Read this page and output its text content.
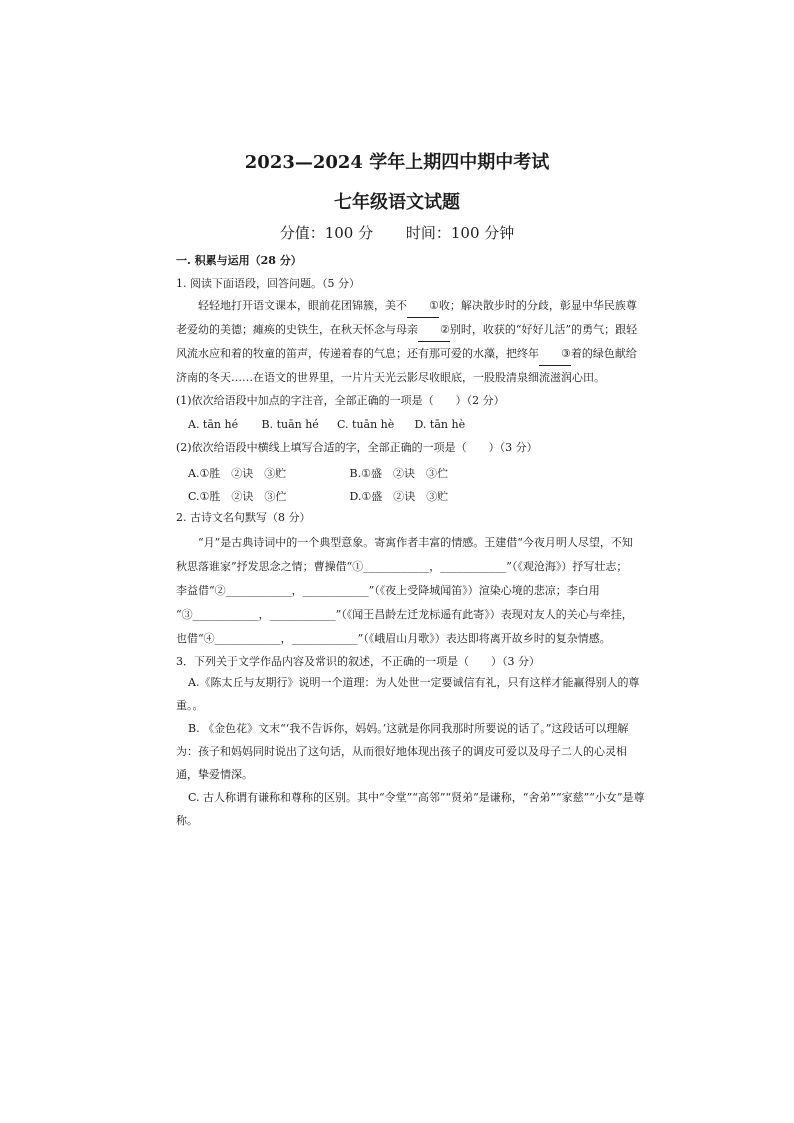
2023—2024 学年上期四中期中考试
七年级语文试题
分值：100 分 时间：100 分钟
一. 积累与运用（28 分）
1. 阅读下面语段，回答问题。（5 分）

轻轻地打开语文课本，眼前花团锦簇，美不 ①收；解决散步时的分歧，彰显中华民族尊老爱幼的美德；瘫痪的史铁生，在秋天怀念与母亲 ②别时，收获的“好好儿活”的勇气；跟轻风流水应和着的牧童的笛声，传递着春的气息；还有那可爱的水藻，把终年 ③着的绿色献给济南的冬天……在语文的世界里，一片片天光云影尽收眼底，一股股清泉细流滋润心田。

(1)依次给语段中加点的字注音，全部正确的一项是（　　）（2 分）
A. tān hé B. tuān hé C. tuān hè D. tān hè
(2)依次给语段中横线上填写合适的字，全部正确的一项是（　　）（3 分）
A.①胜　②诀　③贮	B.①盛　②诀　③伫
C.①胜　②诀　③伫	D.①盛　②诀　③贮
2. 古诗文名句默写（8 分）
“月”是古典诗词中的一个典型意象。寄寓作者丰富的情感。王建借“今夜月明人尽望，不知
秋思落谁家”抒发思念之情；曹操借“①____________，____________”（《观沧海》）抒写壮志；
李益借“②____________，____________”（《夜上受降城闻笛》）渲染心境的悲凉；李白用
“③____________，____________”（《闻王昌龄左迁龙标遥有此寄》）表现对友人的关心与牵挂，
也借“④____________，____________”（《峨眉山月歌》）表达即将离开故乡时的复杂情感。
3．下列关于文学作品内容及常识的叙述，不正确的一项是（　　）（3 分）

A.《陈太丘与友期行》说明一个道理：为人处世一定要诚信有礼，只有这样才能赢得别人的尊重。。

B. 《金色花》文末“‘我不告诉你，妈妈。’这就是你同我那时所要说的话了。”这段话可以理解为：孩子和妈妈同时说出了这句话，从而很好地体现出孩子的调皮可爱以及母子二人的心灵相通，挚爱情深。

C. 古人称谓有谦称和尊称的区别。其中“令堂”“高邻”“贤弟”是谦称，“舍弟”“家慈”“小女”是尊称。
